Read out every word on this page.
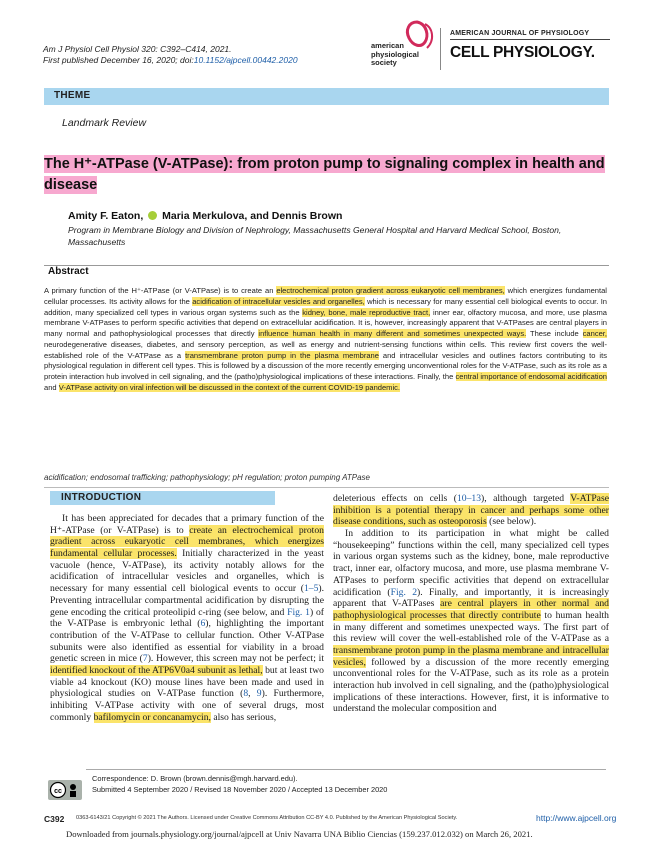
Am J Physiol Cell Physiol 320: C392–C414, 2021.
First published December 16, 2020; doi:10.1152/ajpcell.00442.2020
american
physiological
society
AMERICAN JOURNAL OF PHYSIOLOGY
CELL PHYSIOLOGY.
THEME
Landmark Review
The H⁺-ATPase (V-ATPase): from proton pump to signaling complex in health and disease
Amity F. Eaton, Maria Merkulova, and Dennis Brown
Program in Membrane Biology and Division of Nephrology, Massachusetts General Hospital and Harvard Medical School, Boston, Massachusetts
Abstract

A primary function of the H⁺-ATPase (or V-ATPase) is to create an electrochemical proton gradient across eukaryotic cell membranes, which energizes fundamental cellular processes. Its activity allows for the acidification of intracellular vesicles and organelles, which is necessary for many essential cell biological events to occur. In addition, many specialized cell types in various organ systems such as the kidney, bone, male reproductive tract, inner ear, olfactory mucosa, and more, use plasma membrane V-ATPases to perform specific activities that depend on extracellular acidification. It is, however, increasingly apparent that V-ATPases are central players in many normal and pathophysiological processes that directly influence human health in many different and sometimes unexpected ways. These include cancer, neurodegenerative diseases, diabetes, and sensory perception, as well as energy and nutrient-sensing functions within cells. This review first covers the well-established role of the V-ATPase as a transmembrane proton pump in the plasma membrane and intracellular vesicles and outlines factors contributing to its physiological regulation in different cell types. This is followed by a discussion of the more recently emerging unconventional roles for the V-ATPase, such as its role as a protein interaction hub involved in cell signaling, and the (patho)physiological implications of these interactions. Finally, the central importance of endosomal acidification and V-ATPase activity on viral infection will be discussed in the context of the current COVID-19 pandemic.

acidification; endosomal trafficking; pathophysiology; pH regulation; proton pumping ATPase
INTRODUCTION

It has been appreciated for decades that a primary function of the H⁺-ATPase (or V-ATPase) is to create an electrochemical proton gradient across eukaryotic cell membranes, which energizes fundamental cellular processes. Initially characterized in the yeast vacuole (hence, V-ATPase), its activity notably allows for the acidification of intracellular vesicles and organelles, which is necessary for many essential cell biological events to occur (1–5). Preventing intracellular compartmental acidification by disrupting the gene encoding the critical proteolipid c-ring (see below, and Fig. 1) of the V-ATPase is embryonic lethal (6), highlighting the important contribution of the V-ATPase to cellular function. Other V-ATPase subunits were also identified as essential for viability in a broad genetic screen in mice (7). However, this screen may not be perfect; it identified knockout of the ATP6V0a4 subunit as lethal, but at least two viable a4 knockout (KO) mouse lines have been made and used in physiological studies on V-ATPase function (8, 9). Furthermore, inhibiting V-ATPase activity with one of several drugs, most commonly bafilomycin or concanamycin, also has serious,

deleterious effects on cells (10–13), although targeted V-ATPase inhibition is a potential therapy in cancer and perhaps some other disease conditions, such as osteoporosis (see below).

In addition to its participation in what might be called “housekeeping” functions within the cell, many specialized cell types in various organ systems such as the kidney, bone, male reproductive tract, inner ear, olfactory mucosa, and more, use plasma membrane V-ATPases to perform specific activities that depend on extracellular acidification (Fig. 2). Finally, and importantly, it is increasingly apparent that V-ATPases are central players in other normal and pathophysiological processes that directly contribute to human health in many different and sometimes unexpected ways. The first part of this review will cover the well-established role of the V-ATPase as a transmembrane proton pump in the plasma membrane and intracellular vesicles, followed by a discussion of the more recently emerging unconventional roles for the V-ATPase, such as its role as a protein interaction hub involved in cell signaling, and the (patho)physiological implications of these interactions. However, first, it is informative to understand the molecular composition and

cc
Correspondence: D. Brown (brown.dennis@mgh.harvard.edu).
Submitted 4 September 2020 / Revised 18 November 2020 / Accepted 13 December 2020
C392 0363-6143/21 Copyright © 2021 The Authors. Licensed under Creative Commons Attribution CC-BY 4.0. Published by the American Physiological Society.	http://www.ajpcell.org
Downloaded from journals.physiology.org/journal/ajpcell at Univ Navarra UNA Biblio Ciencias (159.237.012.032) on March 26, 2021.
